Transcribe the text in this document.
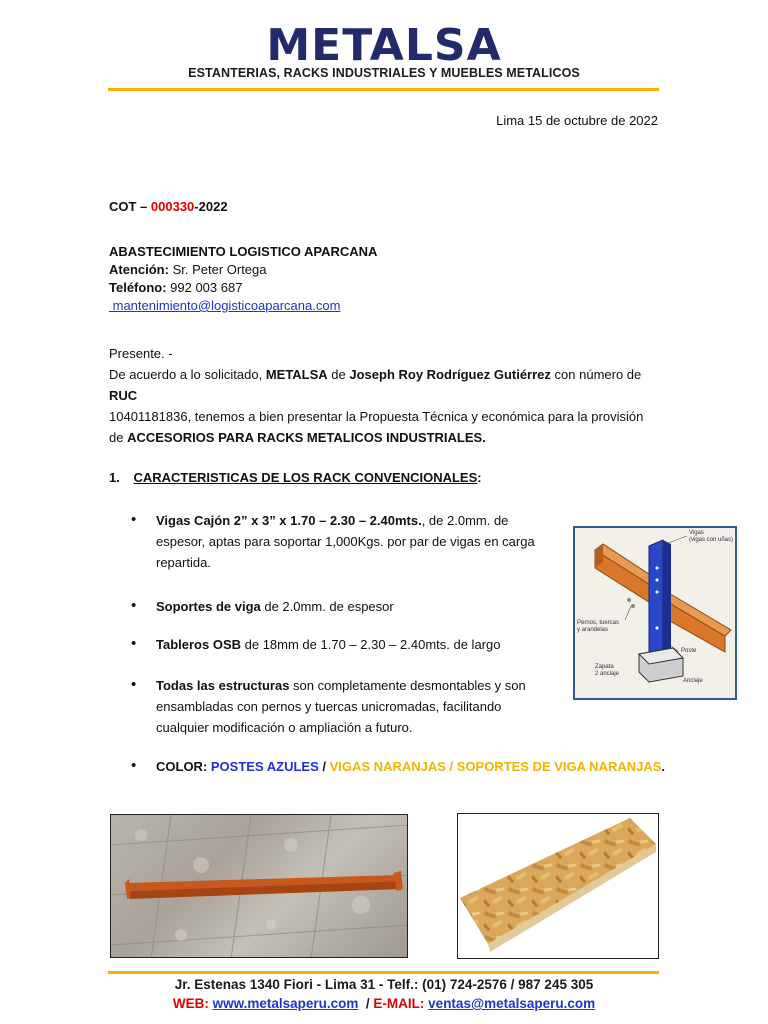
METALSA
ESTANTERIAS, RACKS INDUSTRIALES Y MUEBLES METALICOS
Lima 15 de octubre de 2022
COT – 000330-2022
ABASTECIMIENTO LOGISTICO APARCANA
Atención: Sr. Peter Ortega
Teléfono: 992 003 687
mantenimiento@logisticoaparcana.com
Presente. -
De acuerdo a lo solicitado, METALSA de Joseph Roy Rodríguez Gutiérrez con número de RUC
10401181836, tenemos a bien presentar la Propuesta Técnica y económica para la provisión
de ACCESORIOS PARA RACKS METALICOS INDUSTRIALES.
1. CARACTERISTICAS DE LOS RACK CONVENCIONALES:
• Vigas Cajón 2” x 3” x 1.70 – 2.30 – 2.40mts., de 2.0mm. de
espesor, aptas para soportar 1,000Kgs. por par de vigas en carga
repartida.
• Soportes de viga de 2.0mm. de espesor
• Tableros OSB de 18mm de 1.70 – 2.30 – 2.40mts. de largo
• Todas las estructuras son completamente desmontables y son
ensambladas con pernos y tuercas unicromadas, facilitando
cualquier modificación o ampliación a futuro.
• COLOR: POSTES AZULES / VIGAS NARANJAS / SOPORTES DE VIGA NARANJAS.
Vigas
(vigas con uñas)
Pernos, tuercas
y arandelas
Poste
Zapata
2 anclaje
Anclaje
Jr. Estenas 1340 Fiori - Lima 31 - Telf.: (01) 724-2576 / 987 245 305
WEB: www.metalsaperu.com  / E-MAIL: ventas@metalsaperu.com
